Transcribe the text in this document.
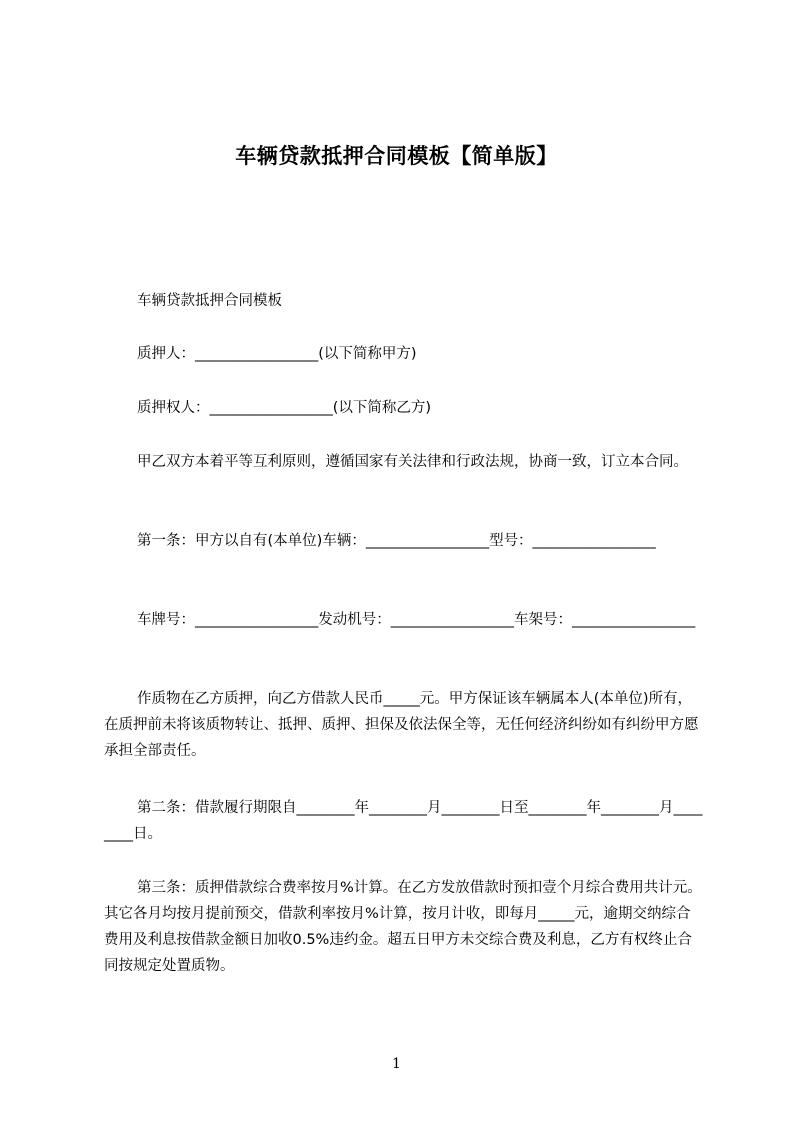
车辆贷款抵押合同模板【简单版】

车辆贷款抵押合同模板

质押人：_________________(以下简称甲方)

质押权人：_________________(以下简称乙方)

甲乙双方本着平等互利原则，遵循国家有关法律和行政法规，协商一致，订立本合同。

第一条：甲方以自有(本单位)车辆：_________________型号：_________________

车牌号：_________________发动机号：_________________车架号：_________________

作质物在乙方质押，向乙方借款人民币_____元。甲方保证该车辆属本人(本单位)所有，在质押前未将该质物转让、抵押、质押、担保及依法保全等，无任何经济纠纷如有纠纷甲方愿承担全部责任。

第二条：借款履行期限自________年________月________日至________年________月________日。

第三条：质押借款综合费率按月%计算。在乙方发放借款时预扣壹个月综合费用共计元。其它各月均按月提前预交，借款利率按月%计算，按月计收，即每月_____元，逾期交纳综合费用及利息按借款金额日加收0.5%违约金。超五日甲方未交综合费及利息，乙方有权终止合同按规定处置质物。

1
